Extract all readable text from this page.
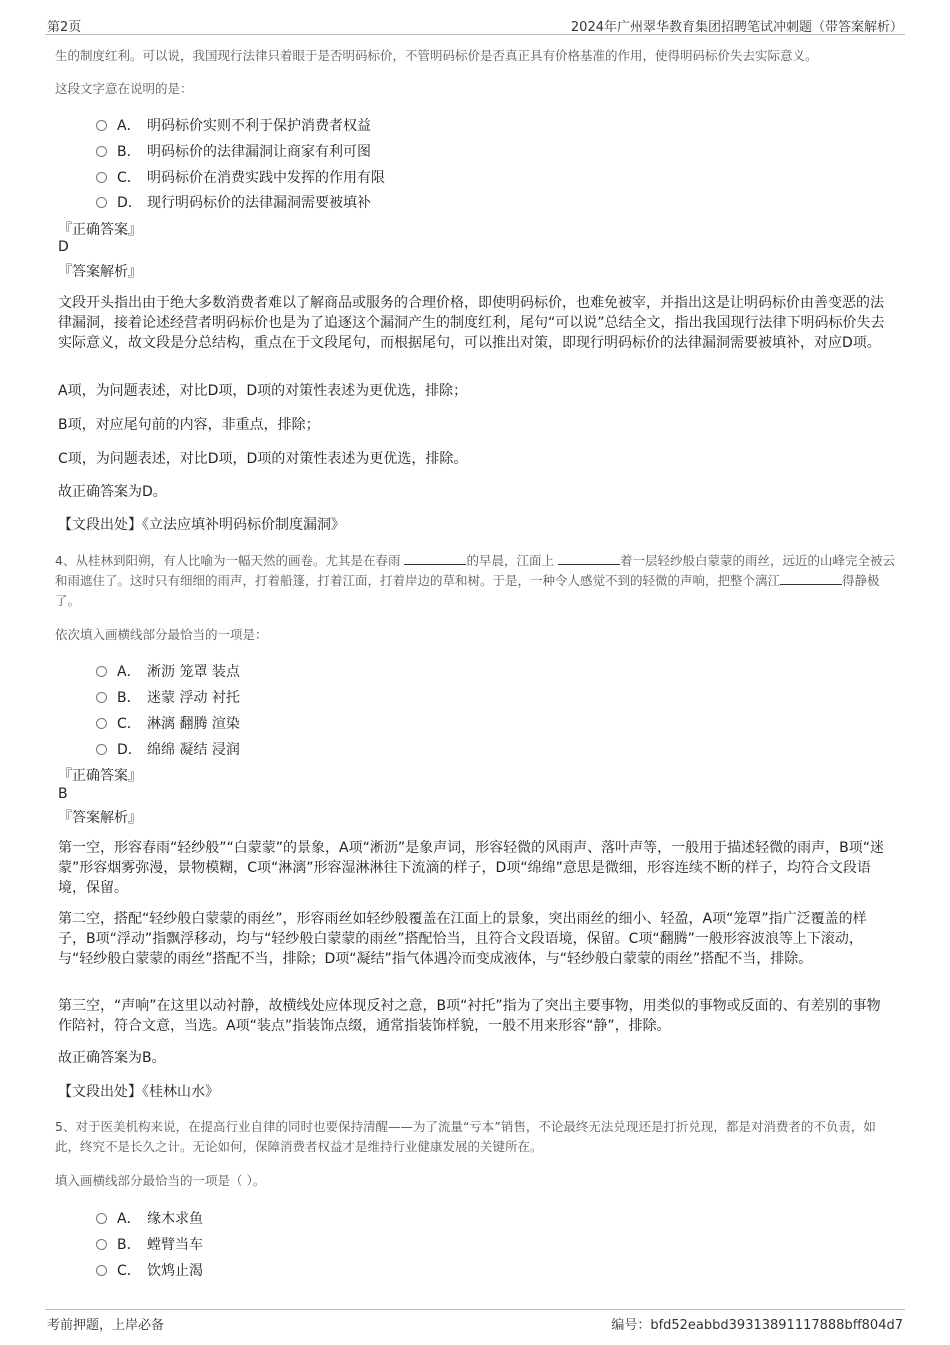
第2页	2024年广州翠华教育集团招聘笔试冲刺题（带答案解析）

生的制度红利。可以说，我国现行法律只着眼于是否明码标价，不管明码标价是否真正具有价格基准的作用，使得明码标价失去实际意义。

这段文字意在说明的是：

A． 明码标价实则不利于保护消费者权益
B． 明码标价的法律漏洞让商家有利可图
C． 明码标价在消费实践中发挥的作用有限
D． 现行明码标价的法律漏洞需要被填补
『正确答案』
D
『答案解析』

文段开头指出由于绝大多数消费者难以了解商品或服务的合理价格，即使明码标价，也难免被宰，并指出这是让明码标价由善变恶的法律漏洞，接着论述经营者明码标价也是为了追逐这个漏洞产生的制度红利，尾句“可以说”总结全文，指出我国现行法律下明码标价失去实际意义，故文段是分总结构，重点在于文段尾句，而根据尾句，可以推出对策，即现行明码标价的法律漏洞需要被填补，对应D项。

A项，为问题表述，对比D项，D项的对策性表述为更优选，排除；

B项，对应尾句前的内容，非重点，排除；

C项，为问题表述，对比D项，D项的对策性表述为更优选，排除。

故正确答案为D。

【文段出处】《立法应填补明码标价制度漏洞》

4、从桂林到阳朔，有人比喻为一幅天然的画卷。尤其是在春雨	的早晨，江面上	着一层轻纱般白蒙蒙的雨丝，远近的山峰完全被云和雨遮住了。这时只有细细的雨声，打着船篷，打着江面，打着岸边的草和树。于是，一种令人感觉不到的轻微的声响，把整个漓江	得静极了。

依次填入画横线部分最恰当的一项是：

A． 淅沥 笼罩 装点
B． 迷蒙 浮动 衬托
C． 淋漓 翻腾 渲染
D． 绵绵 凝结 浸润
『正确答案』
B
『答案解析』

第一空，形容春雨“轻纱般”“白蒙蒙”的景象，A项“淅沥”是象声词，形容轻微的风雨声、落叶声等，一般用于描述轻微的雨声，B项“迷蒙”形容烟雾弥漫，景物模糊，C项“淋漓”形容湿淋淋往下流滴的样子，D项“绵绵”意思是微细，形容连续不断的样子，均符合文段语境，保留。

第二空，搭配“轻纱般白蒙蒙的雨丝”，形容雨丝如轻纱般覆盖在江面上的景象，突出雨丝的细小、轻盈，A项“笼罩”指广泛覆盖的样子，B项“浮动”指飘浮移动，均与“轻纱般白蒙蒙的雨丝”搭配恰当，且符合文段语境，保留。C项“翻腾”一般形容波浪等上下滚动，与“轻纱般白蒙蒙的雨丝”搭配不当，排除；D项“凝结”指气体遇冷而变成液体，与“轻纱般白蒙蒙的雨丝”搭配不当，排除。

第三空，“声响”在这里以动衬静，故横线处应体现反衬之意，B项“衬托”指为了突出主要事物，用类似的事物或反面的、有差别的事物作陪衬，符合文意，当选。A项“装点”指装饰点缀，通常指装饰样貌，一般不用来形容“静”，排除。

故正确答案为B。

【文段出处】《桂林山水》

5、对于医美机构来说，在提高行业自律的同时也要保持清醒——为了流量“亏本”销售，不论最终无法兑现还是打折兑现，都是对消费者的不负责，如此，终究不是长久之计。无论如何，保障消费者权益才是维持行业健康发展的关键所在。

填入画横线部分最恰当的一项是（ ）。

A． 缘木求鱼
B． 螳臂当车
C． 饮鸩止渴
考前押题，上岸必备	编号：bfd52eabbd39313891117888bff804d7
